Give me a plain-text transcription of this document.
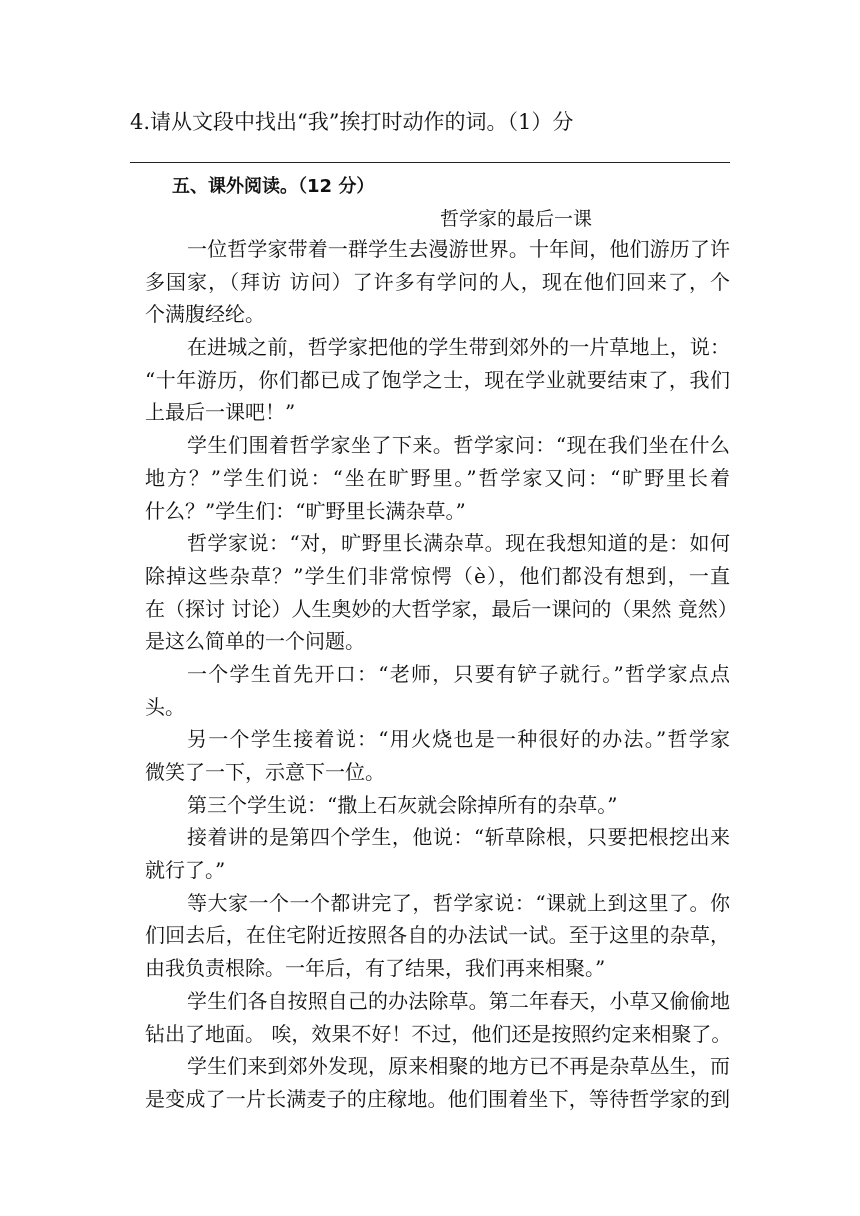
4.请从文段中找出“我”挨打时动作的词。（1）分
五、课外阅读。（12 分）
哲学家的最后一课
一位哲学家带着一群学生去漫游世界。十年间，他们游历了许
多国家，（拜访 访问）了许多有学问的人，现在他们回来了，个
个满腹经纶。
在进城之前，哲学家把他的学生带到郊外的一片草地上，说：
“十年游历，你们都已成了饱学之士，现在学业就要结束了，我们
上最后一课吧！”
学生们围着哲学家坐了下来。哲学家问：“现在我们坐在什么
地方？”学生们说：“坐在旷野里。”哲学家又问：“旷野里长着
什么？”学生们：“旷野里长满杂草。”
哲学家说：“对，旷野里长满杂草。现在我想知道的是：如何
除掉这些杂草？”学生们非常惊愕（è），他们都没有想到，一直
在（探讨 讨论）人生奥妙的大哲学家，最后一课问的（果然 竟然）
是这么简单的一个问题。
一个学生首先开口：“老师，只要有铲子就行。”哲学家点点
头。
另一个学生接着说：“用火烧也是一种很好的办法。”哲学家
微笑了一下，示意下一位。
第三个学生说：“撒上石灰就会除掉所有的杂草。”
接着讲的是第四个学生，他说：“斩草除根，只要把根挖出来
就行了。”
等大家一个一个都讲完了，哲学家说：“课就上到这里了。你
们回去后，在住宅附近按照各自的办法试一试。至于这里的杂草，
由我负责根除。一年后，有了结果，我们再来相聚。”
学生们各自按照自己的办法除草。第二年春天，小草又偷偷地
钻出了地面。 唉，效果不好！不过，他们还是按照约定来相聚了。
学生们来到郊外发现，原来相聚的地方已不再是杂草丛生，而
是变成了一片长满麦子的庄稼地。他们围着坐下，等待哲学家的到
